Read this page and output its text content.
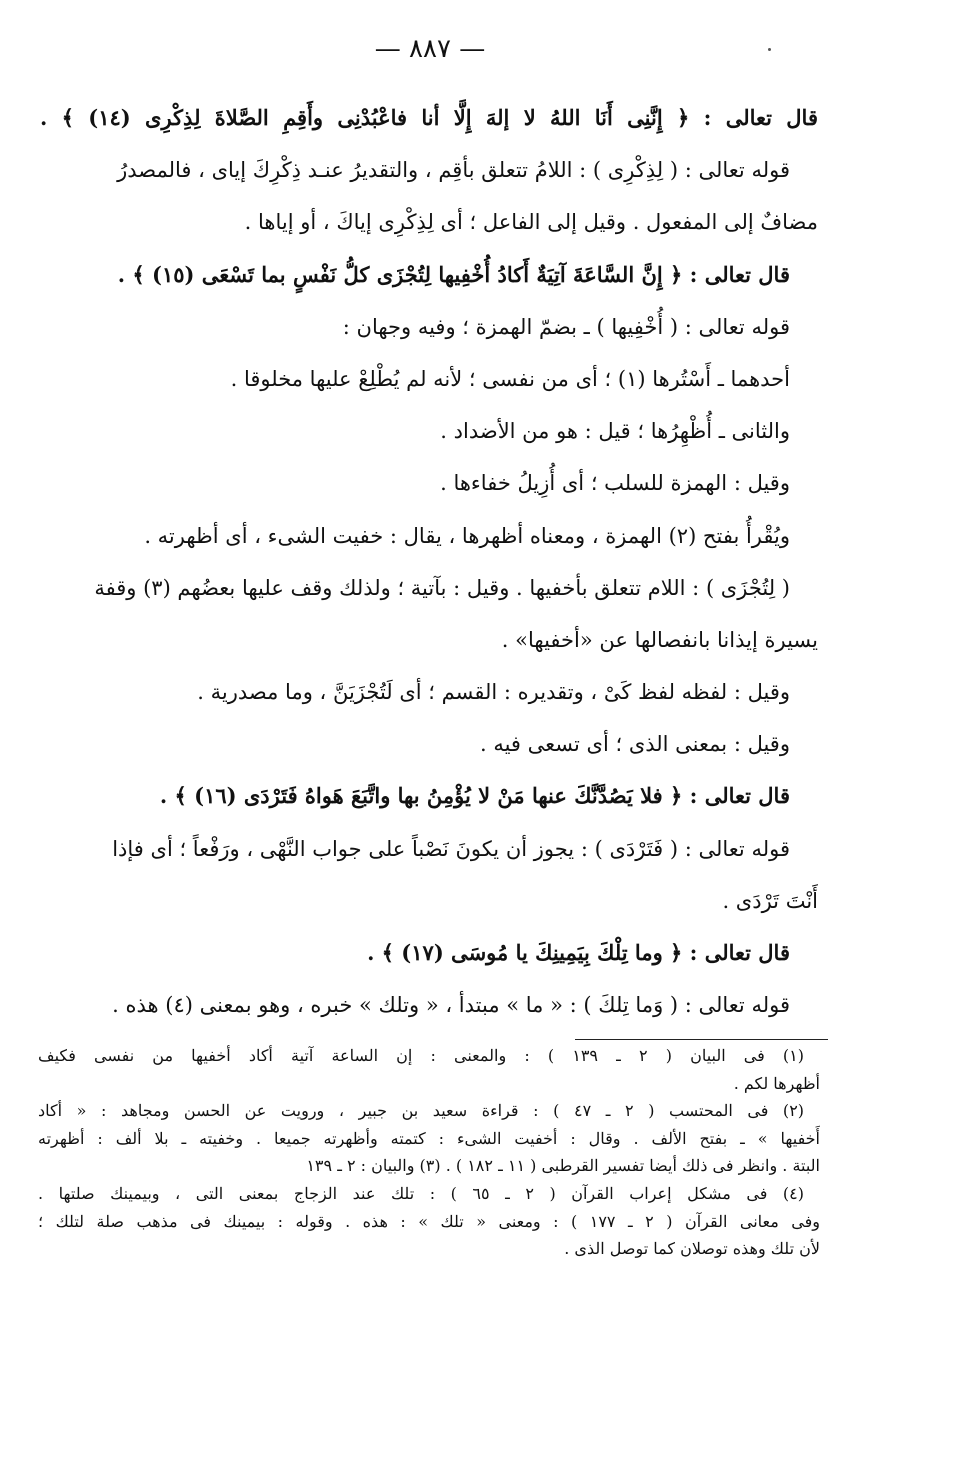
— ٨٨٧ —
قال تعالى : ﴿ إِنَّنِى أَنَا اللهُ لا إلهَ إِلَّا أنا فاعْبُدْنِى وأَقِمِ الصَّلاةَ لِذِكْرِى (١٤) ﴾ .
قوله تعالى : ( لِذِكْرِى ) : اللامُ تتعلق بأقِم ، والتقديرُ عنـد ذِكْرِكَ إياى ، فالمصدرُ
مضافٌ إلى المفعول . وقيل إلى الفاعل ؛ أى لِذِكْرِى إياكَ ، أو إياها .
قال تعالى : ﴿ إِنَّ السَّاعَةَ آتِيَةٌ أَكادُ أُخْفِيها لِتُجْزَى كلُّ نَفْسٍ بما تَسْعَى (١٥) ﴾ .
قوله تعالى : ( أُخْفِيها ) ـ بضمّ الهمزة ؛ وفيه وجهان :
أحدهما ـ أَسْتُرها (١) ؛ أى من نفسى ؛ لأنه لم يُطْلِعْ عليها مخلوقا .
والثانى ـ أُظْهِرُها ؛ قيل : هو من الأضداد .
وقيل : الهمزة للسلب ؛ أى أُزِيلُ خفاءها .
ويُقْرأُ بفتح (٢) الهمزة ، ومعناه أظهرها ، يقال : خفيت الشىء ، أى أظهرته .
( لِتُجْزَى ) : اللام تتعلق بأخفيها . وقيل : بآتية ؛ ولذلك وقف عليها بعضُهم (٣) وقفة
يسيرة إيذانا بانفصالها عن «أخفيها» .
وقيل : لفظه لفظ كَىْ ، وتقديره : القسم ؛ أى لَتُجْزَيَنَّ ، وما مصدرية .
وقيل : بمعنى الذى ؛ أى تسعى فيه .
قال تعالى : ﴿ فلا يَصُدَّنَّكَ عنها مَنْ لا يُؤْمِنُ بها واتَّبَعَ هَواهُ فَتَرْدَى (١٦) ﴾ .
قوله تعالى : ( فَتَرْدَى ) : يجوز أن يكونَ نَصْباً على جواب النَّهْى ، ورَفْعاً ؛ أى فإذا
أَنْتَ تَرْدَى .
قال تعالى : ﴿ وما تِلْكَ بِيَمِينِكَ يا مُوسَى (١٧) ﴾ .
قوله تعالى : ( وَما تِلكَ ) : « ما » مبتدأ ، « وتلك » خبره ، وهو بمعنى (٤) هذه .
(١) فى البيان ( ٢ ـ ١٣٩ ) : والمعنى : إن الساعة آتية أكاد أخفيها من نفسى فكيف
أظهرها لكم .
(٢) فى المحتسب ( ٢ ـ ٤٧ ) : قراءة سعيد بن جبير ، ورويت عن الحسن ومجاهد : « أكاد
أَخفيها » ـ بفتح الألف . وقال : أخفيت الشىء : كتمته وأظهرته جميعا . وخفيته ـ بلا ألف : أظهرته
البتة . وانظر فى ذلك أيضا تفسير القرطبى ( ١١ ـ ١٨٢ ) . (٣) والبيان : ٢ ـ ١٣٩
(٤) فى مشكل إعراب القرآن ( ٢ ـ ٦٥ ) : تلك عند الزجاج بمعنى التى ، وبيمينك صلتها .
وفى معانى القرآن ( ٢ ـ ١٧٧ ) : ومعنى « تلك » : هذه . وقوله : بيمينك فى مذهب صلة لتلك ؛
لأن تلك وهذه توصلان كما توصل الذى .
